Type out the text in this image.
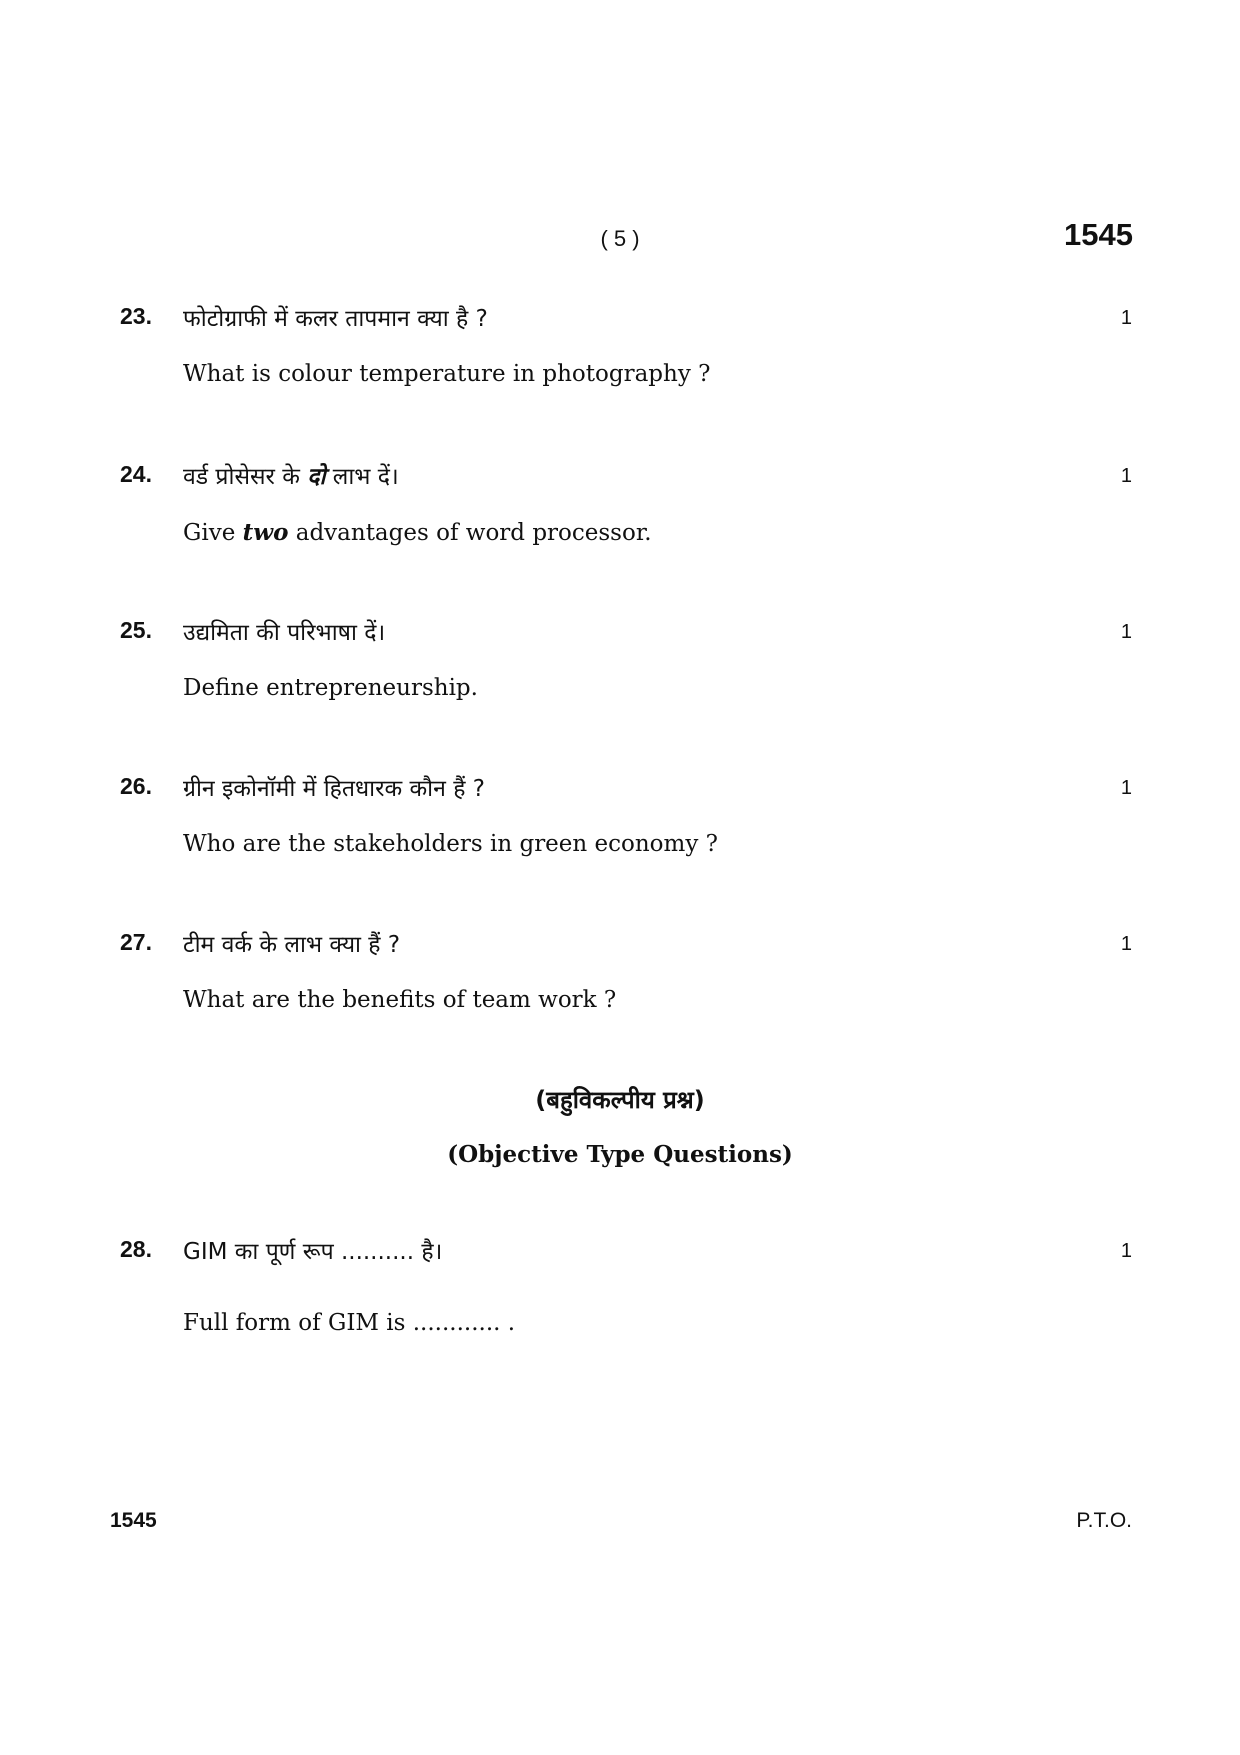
( 5 )	1545
23. फोटोग्राफी में कलर तापमान क्या है ?	1
What is colour temperature in photography ?
24. वर्ड प्रोसेसर के दो लाभ दें।	1
Give two advantages of word processor.
25. उद्यमिता की परिभाषा दें।	1
Define entrepreneurship.
26. ग्रीन इकोनॉमी में हितधारक कौन हैं ?	1
Who are the stakeholders in green economy ?
27. टीम वर्क के लाभ क्या हैं ?	1
What are the benefits of team work ?
(बहुविकल्पीय प्रश्न)
(Objective Type Questions)
28. GIM का पूर्ण रूप .......... है।	1
Full form of GIM is ............ .
1545	P.T.O.
